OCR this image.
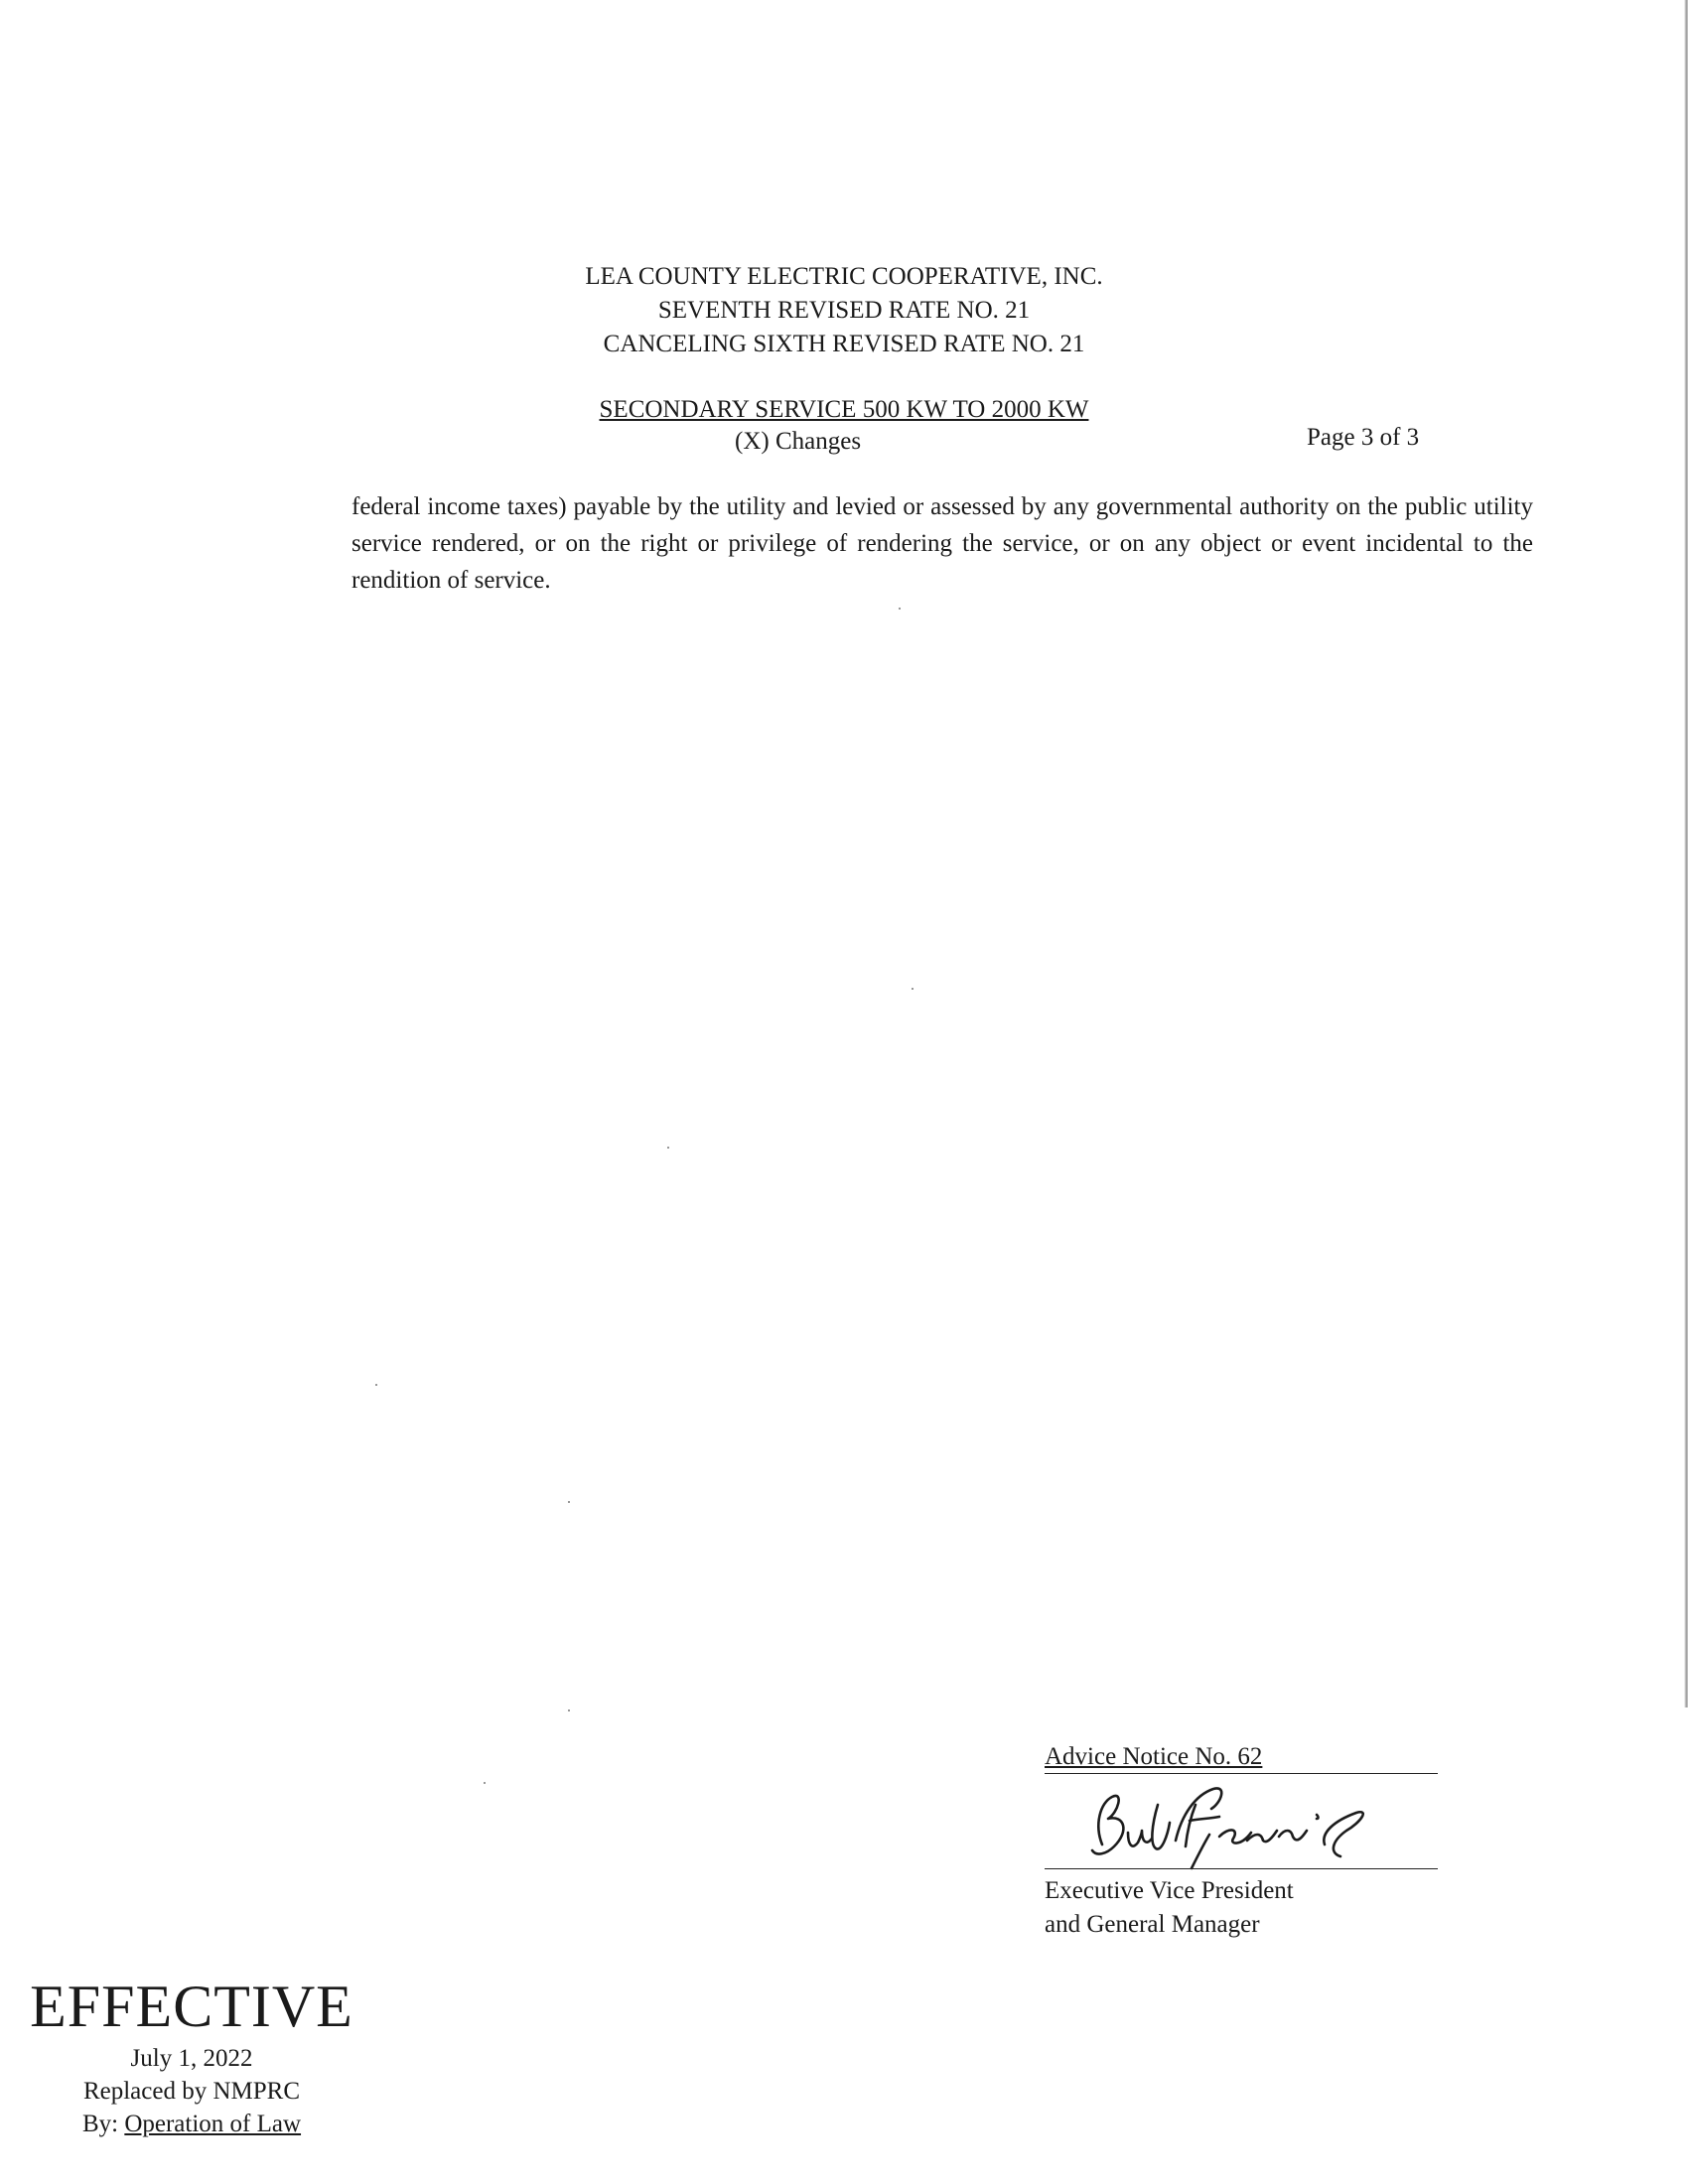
LEA COUNTY ELECTRIC COOPERATIVE, INC.
SEVENTH REVISED RATE NO. 21
CANCELING SIXTH REVISED RATE NO. 21
SECONDARY SERVICE 500 KW TO 2000 KW
(X) Changes	Page 3 of 3
federal income taxes) payable by the utility and levied or assessed by any governmental authority on the public utility service rendered, or on the right or privilege of rendering the service, or on any object or event incidental to the rendition of service.
Advice Notice No. 62
Executive Vice President
and General Manager
EFFECTIVE
July 1, 2022
Replaced by NMPRC
By: Operation of Law
